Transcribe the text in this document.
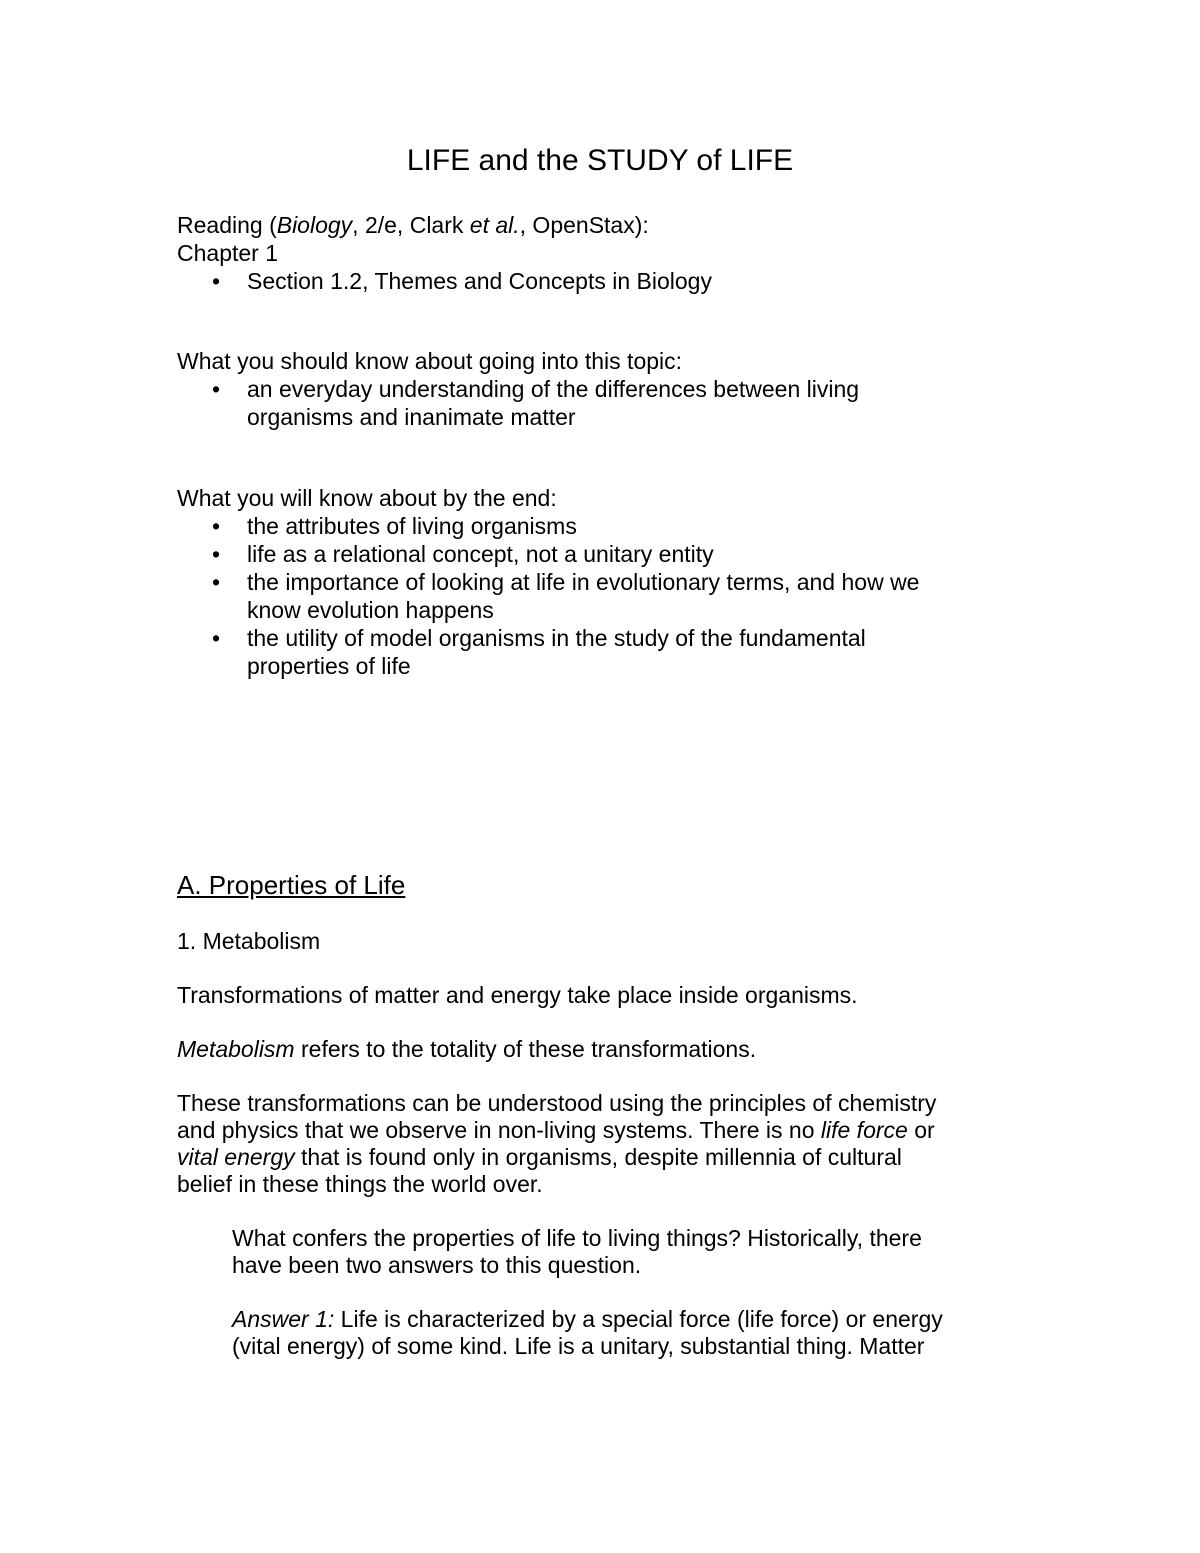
LIFE and the STUDY of LIFE

Reading (Biology, 2/e, Clark et al., OpenStax):

Chapter 1

• Section 1.2, Themes and Concepts in Biology

What you should know about going into this topic:

• an everyday understanding of the differences between living
organisms and inanimate matter

What you will know about by the end:

• the attributes of living organisms
• life as a relational concept, not a unitary entity
• the importance of looking at life in evolutionary terms, and how we
know evolution happens
• the utility of model organisms in the study of the fundamental
properties of life
A. Properties of Life

1. Metabolism

Transformations of matter and energy take place inside organisms.

Metabolism refers to the totality of these transformations.

These transformations can be understood using the principles of chemistry
and physics that we observe in non-living systems. There is no life force or
vital energy that is found only in organisms, despite millennia of cultural
belief in these things the world over.

What confers the properties of life to living things? Historically, there
have been two answers to this question.

Answer 1: Life is characterized by a special force (life force) or energy
(vital energy) of some kind. Life is a unitary, substantial thing. Matter
